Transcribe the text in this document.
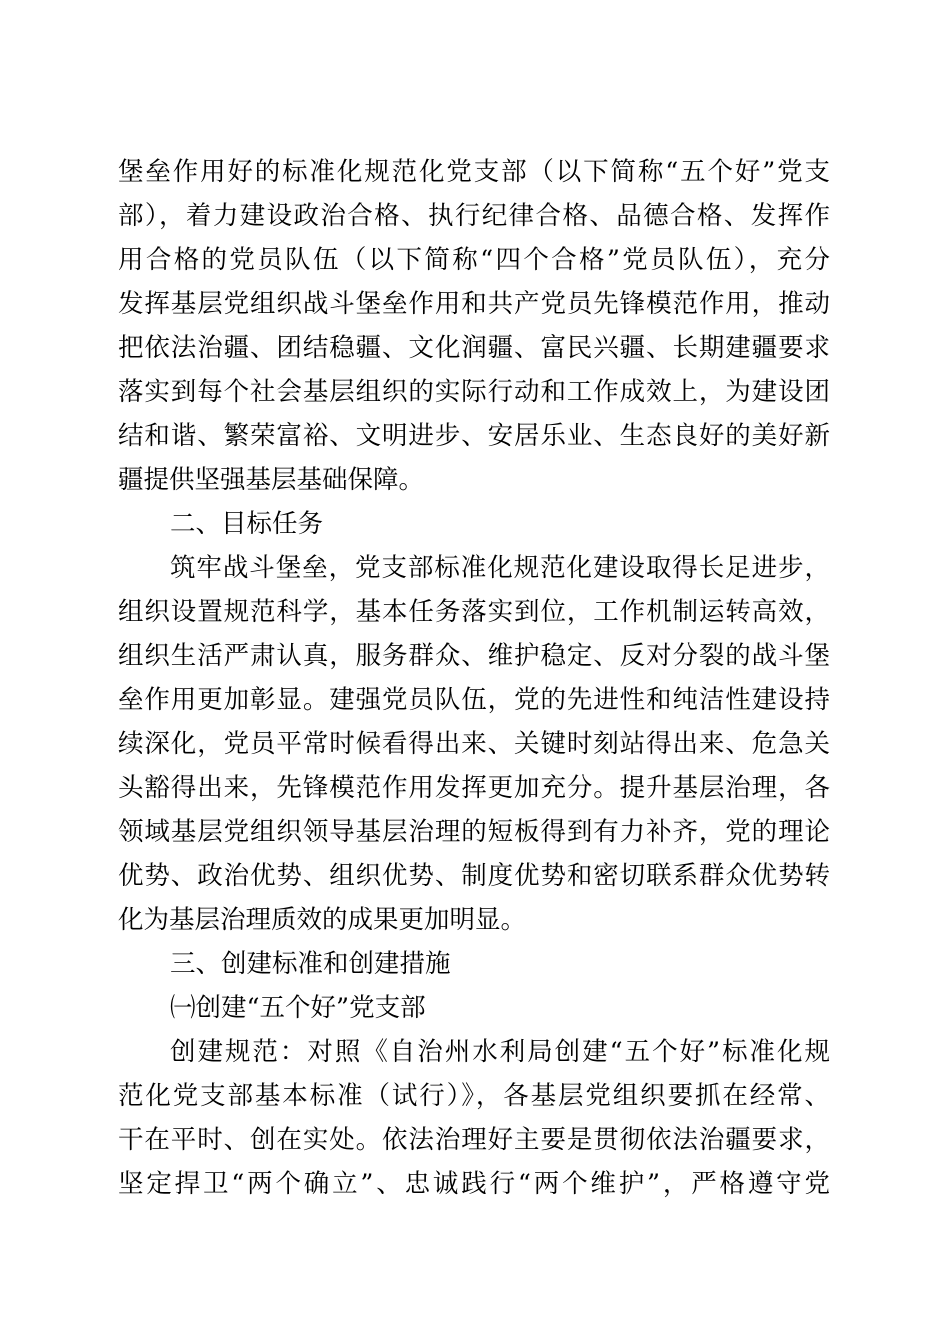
堡垒作用好的标准化规范化党支部（以下简称“五个好”党支
部），着力建设政治合格、执行纪律合格、品德合格、发挥作
用合格的党员队伍（以下简称“四个合格”党员队伍），充分
发挥基层党组织战斗堡垒作用和共产党员先锋模范作用，推动
把依法治疆、团结稳疆、文化润疆、富民兴疆、长期建疆要求
落实到每个社会基层组织的实际行动和工作成效上，为建设团
结和谐、繁荣富裕、文明进步、安居乐业、生态良好的美好新
疆提供坚强基层基础保障。
二、目标任务
筑牢战斗堡垒，党支部标准化规范化建设取得长足进步，
组织设置规范科学，基本任务落实到位，工作机制运转高效，
组织生活严肃认真，服务群众、维护稳定、反对分裂的战斗堡
垒作用更加彰显。建强党员队伍，党的先进性和纯洁性建设持
续深化，党员平常时候看得出来、关键时刻站得出来、危急关
头豁得出来，先锋模范作用发挥更加充分。提升基层治理，各
领域基层党组织领导基层治理的短板得到有力补齐，党的理论
优势、政治优势、组织优势、制度优势和密切联系群众优势转
化为基层治理质效的成果更加明显。
三、创建标准和创建措施
㈠创建“五个好”党支部
创建规范：对照《自治州水利局创建“五个好”标准化规
范化党支部基本标准（试行）》，各基层党组织要抓在经常、
干在平时、创在实处。依法治理好主要是贯彻依法治疆要求，
坚定捍卫“两个确立”、忠诚践行“两个维护”，严格遵守党
